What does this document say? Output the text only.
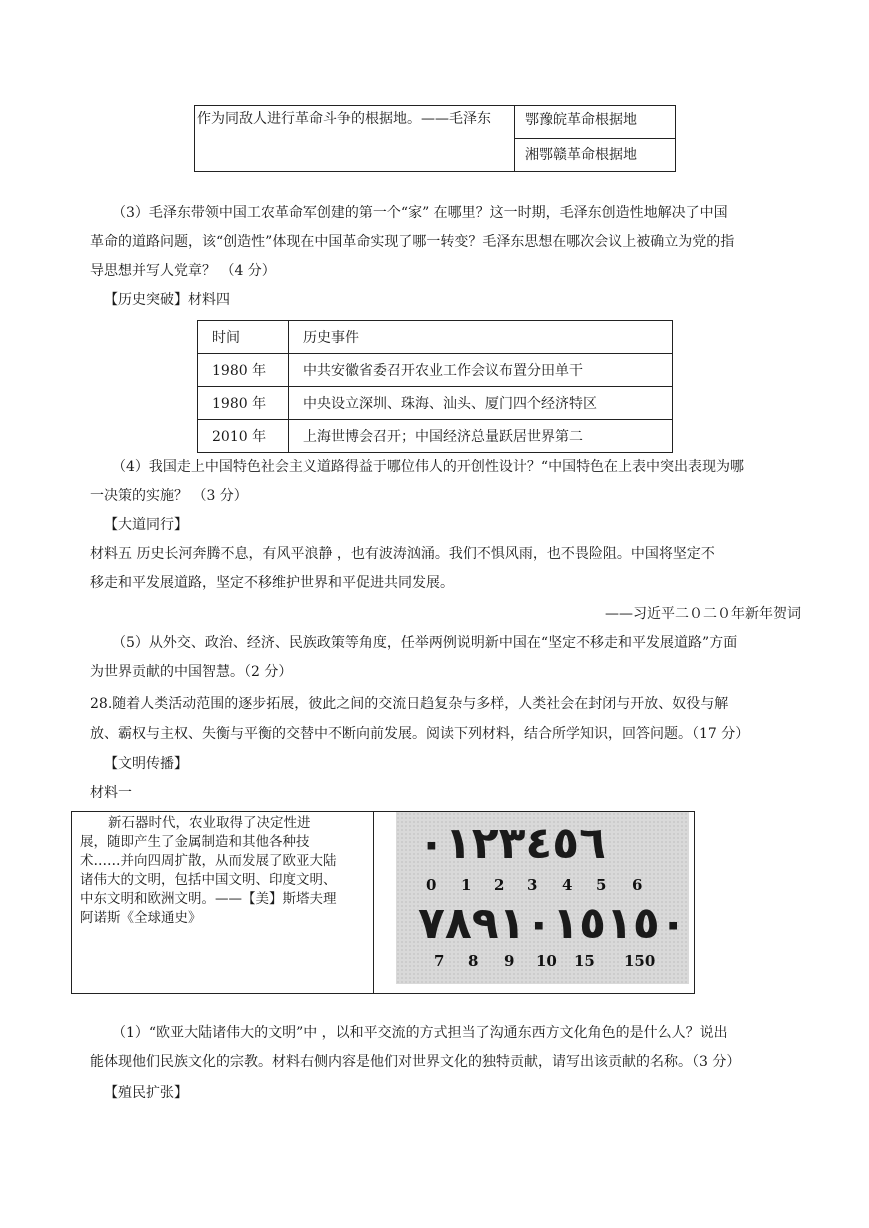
作为同敌人进行革命斗争的根据地。——毛泽东 鄂豫皖革命根据地
湘鄂赣革命根据地
（3）毛泽东带领中国工农革命军创建的第一个“家” 在哪里？这一时期，毛泽东创造性地解决了中国
革命的道路问题，该“创造性”体现在中国革命实现了哪一转变？毛泽东思想在哪次会议上被确立为党的指
导思想并写人党章？ （4 分）
【历史突破】材料四
时间	历史事件
1980 年	中共安徽省委召开农业工作会议布置分田单干
1980 年	中央设立深圳、珠海、汕头、厦门四个经济特区
2010 年	上海世博会召开；中国经济总量跃居世界第二
（4）我国走上中国特色社会主义道路得益于哪位伟人的开创性设计？“中国特色在上表中突出表现为哪
一决策的实施？ （3 分）
【大道同行】
材料五 历史长河奔腾不息，有风平浪静 ，也有波涛汹涌。我们不惧风雨，也不畏险阻。中国将坚定不
移走和平发展道路，坚定不移维护世界和平促进共同发展。
——习近平二０二０年新年贺词
（5）从外交、政治、经济、民族政策等角度，任举两例说明新中国在“坚定不移走和平发展道路”方面
为世界贡献的中国智慧。（2 分）
28.随着人类活动范围的逐步拓展，彼此之间的交流日趋复杂与多样，人类社会在封闭与开放、奴役与解
放、霸权与主权、失衡与平衡的交替中不断向前发展。阅读下列材料，结合所学知识，回答问题。（17 分）
【文明传播】
材料一
新石器时代，农业取得了决定性进
展，随即产生了金属制造和其他各种技
术……并向四周扩散，从而发展了欧亚大陆
诸伟大的文明，包括中国文明、印度文明、
中东文明和欧洲文明。——【美】斯塔夫理
阿诺斯《全球通史》
٠١٢٣٤٥٦
0 1 2 3 4 5 6
٧٨٩١٠١٥١٥٠
7 8 9 10 15 150
（1）“欧亚大陆诸伟大的文明”中 ，以和平交流的方式担当了沟通东西方文化角色的是什么人？说出
能体现他们民族文化的宗教。材料右侧内容是他们对世界文化的独特贡献，请写出该贡献的名称。（3 分）
【殖民扩张】
